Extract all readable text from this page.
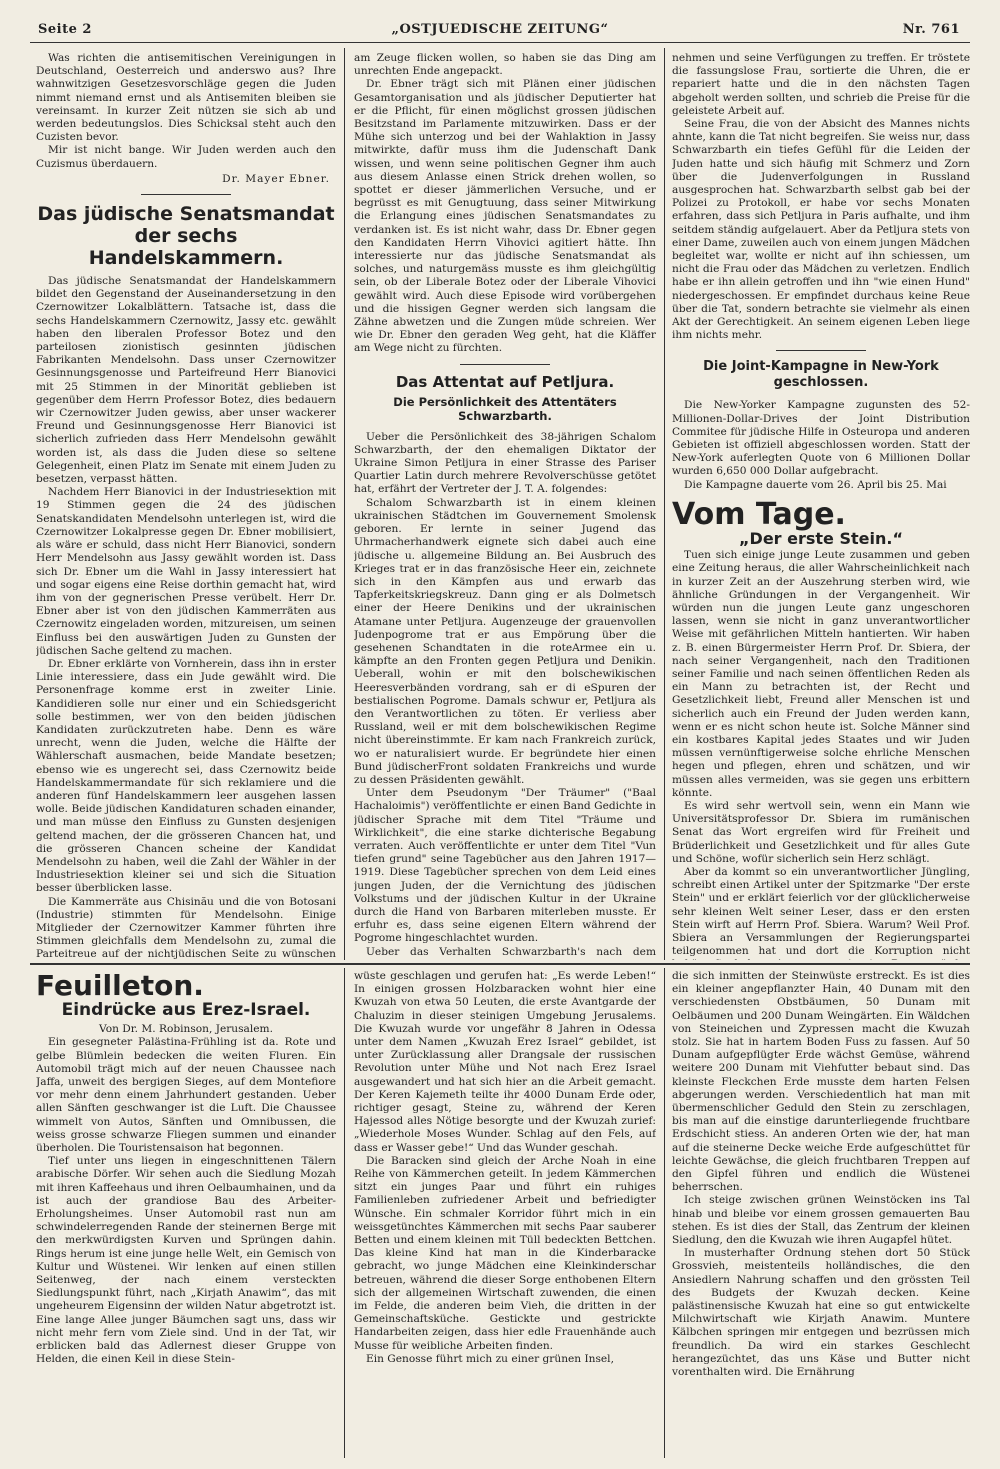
Seite 2	„OSTJUEDISCHE ZEITUNG“	Nr. 761

Was richten die antisemitischen Vereinigungen in Deutschland, Oesterreich und anderswo aus? Ihre wahnwitzigen Gesetzesvorschläge gegen die Juden nimmt niemand ernst und als Antisemiten bleiben sie vereinsamt. In kurzer Zeit nützen sie sich ab und werden bedeutungslos. Dies Schicksal steht auch den Cuzisten bevor.

Mir ist nicht bange. Wir Juden werden auch den Cuzismus überdauern.

Dr. Mayer Ebner.

Das jüdische Senatsmandat der sechs Handelskammern.

Das jüdische Senatsmandat der Handelskammern bildet den Gegenstand der Auseinandersetzung in den Czernowitzer Lokalblättern. Tatsache ist, dass die sechs Handelskammern Czernowitz, Jassy etc. gewählt haben den liberalen Professor Botez und den parteilosen zionistisch gesinnten jüdischen Fabrikanten Mendelsohn. Dass unser Czernowitzer Gesinnungsgenosse und Parteifreund Herr Bianovici mit 25 Stimmen in der Minorität geblieben ist gegenüber dem Herrn Professor Botez, dies bedauern wir Czernowitzer Juden gewiss, aber unser wackerer Freund und Gesinnungsgenosse Herr Bianovici ist sicherlich zufrieden dass Herr Mendelsohn gewählt worden ist, als dass die Juden diese so seltene Gelegenheit, einen Platz im Senate mit einem Juden zu besetzen, verpasst hätten.

Nachdem Herr Bianovici in der Industriesektion mit 19 Stimmen gegen die 24 des jüdischen Senatskandidaten Mendelsohn unterlegen ist, wird die Czernowitzer Lokalpresse gegen Dr. Ebner mobilisiert, als wäre er schuld, dass nicht Herr Bianovici, sondern Herr Mendelsohn aus Jassy gewählt worden ist. Dass sich Dr. Ebner um die Wahl in Jassy interessiert hat und sogar eigens eine Reise dorthin gemacht hat, wird ihm von der gegnerischen Presse verübelt. Herr Dr. Ebner aber ist von den jüdischen Kammerräten aus Czernowitz eingeladen worden, mitzureisen, um seinen Einfluss bei den auswärtigen Juden zu Gunsten der jüdischen Sache geltend zu machen.

Dr. Ebner erklärte von Vornherein, dass ihn in erster Linie interessiere, dass ein Jude gewählt wird. Die Personenfrage komme erst in zweiter Linie. Kandidieren solle nur einer und ein Schiedsgericht solle bestimmen, wer von den beiden jüdischen Kandidaten zurückzutreten habe. Denn es wäre unrecht, wenn die Juden, welche die Hälfte der Wählerschaft ausmachen, beide Mandate besetzen; ebenso wie es ungerecht sei, dass Czernowitz beide Handelskammermandate für sich reklamiere und die anderen fünf Handelskammern leer ausgehen lassen wolle. Beide jüdischen Kandidaturen schaden einander, und man müsse den Einfluss zu Gunsten desjenigen geltend machen, der die grösseren Chancen hat, und die grösseren Chancen scheine der Kandidat Mendelsohn zu haben, weil die Zahl der Wähler in der Industriesektion kleiner sei und sich die Situation besser überblicken lasse.

Die Kammerräte aus Chisinău und die von Botosani (Industrie) stimmten für Mendelsohn. Einige Mitglieder der Czernowitzer Kammer führten ihre Stimmen gleichfalls dem Mendelsohn zu, zumal die Parteitreue auf der nichtjüdischen Seite zu wünschen

am Zeuge flicken wollen, so haben sie das Ding am unrechten Ende angepackt.

Dr. Ebner trägt sich mit Plänen einer jüdischen Gesamtorganisation und als jüdischer Deputierter hat er die Pflicht, für einen möglichst grossen jüdischen Besitzstand im Parlamente mitzuwirken. Dass er der Mühe sich unterzog und bei der Wahlaktion in Jassy mitwirkte, dafür muss ihm die Judenschaft Dank wissen, und wenn seine politischen Gegner ihm auch aus diesem Anlasse einen Strick drehen wollen, so spottet er dieser jämmerlichen Versuche, und er begrüsst es mit Genugtuung, dass seiner Mitwirkung die Erlangung eines jüdischen Senatsmandates zu verdanken ist. Es ist nicht wahr, dass Dr. Ebner gegen den Kandidaten Herrn Vihovici agitiert hätte. Ihn interessierte nur das jüdische Senatsmandat als solches, und naturgemäss musste es ihm gleichgültig sein, ob der Liberale Botez oder der Liberale Vihovici gewählt wird. Auch diese Episode wird vorübergehen und die hissigen Gegner werden sich langsam die Zähne abwetzen und die Zungen müde schreien. Wer wie Dr. Ebner den geraden Weg geht, hat die Kläffer am Wege nicht zu fürchten.

Das Attentat auf Petljura.
Die Persönlichkeit des Attentäters Schwarzbarth.

Ueber die Persönlichkeit des 38-jährigen Schalom Schwarzbarth, der den ehemaligen Diktator der Ukraine Simon Petljura in einer Strasse des Pariser Quartier Latin durch mehrere Revolverschüsse getötet hat, erfährt der Vertreter der J. T. A. folgendes:

Schalom Schwarzbarth ist in einem kleinen ukrainischen Städtchen im Gouvernement Smolensk geboren. Er lernte in seiner Jugend das Uhrmacherhandwerk eignete sich dabei auch eine jüdische u. allgemeine Bildung an. Bei Ausbruch des Krieges trat er in das französische Heer ein, zeichnete sich in den Kämpfen aus und erwarb das Tapferkeitskriegskreuz. Dann ging er als Dolmetsch einer der Heere Denikins und der ukrainischen Atamane unter Petljura. Augenzeuge der grauenvollen Judenpogrome trat er aus Empörung über die gesehenen Schandtaten in die roteArmee ein u. kämpfte an den Fronten gegen Petljura und Denikin. Ueberall, wohin er mit den bolschewikischen Heeresverbänden vordrang, sah er di eSpuren der bestialischen Pogrome. Damals schwur er, Petljura als den Verantwortlichen zu töten. Er verliess aber Russland, weil er mit dem bolschewikischen Regime nicht übereinstimmte. Er kam nach Frankreich zurück, wo er naturalisiert wurde. Er begründete hier einen Bund jüdischerFront soldaten Frankreichs und wurde zu dessen Präsidenten gewählt.

Unter dem Pseudonym "Der Träumer" ("Baal Hachaloimis") veröffentlichte er einen Band Gedichte in jüdischer Sprache mit dem Titel "Träume und Wirklichkeit", die eine starke dichterische Begabung verraten. Auch veröffentlichte er unter dem Titel "Vun tiefen grund" seine Tagebücher aus den Jahren 1917—1919. Diese Tagebücher sprechen von dem Leid eines jungen Juden, der die Vernichtung des jüdischen Volkstums und der jüdischen Kultur in der Ukraine durch die Hand von Barbaren miterleben musste. Er erfuhr es, dass seine eigenen Eltern während der Pogrome hingeschlachtet wurden.

Ueber das Verhalten Schwarzbarth's nach dem

nehmen und seine Verfügungen zu treffen. Er tröstete die fassungslose Frau, sortierte die Uhren, die er repariert hatte und die in den nächsten Tagen abgeholt werden sollten, und schrieb die Preise für die geleistete Arbeit auf.

Seine Frau, die von der Absicht des Mannes nichts ahnte, kann die Tat nicht begreifen. Sie weiss nur, dass Schwarzbarth ein tiefes Gefühl für die Leiden der Juden hatte und sich häufig mit Schmerz und Zorn über die Judenverfolgungen in Russland ausgesprochen hat. Schwarzbarth selbst gab bei der Polizei zu Protokoll, er habe vor sechs Monaten erfahren, dass sich Petljura in Paris aufhalte, und ihm seitdem ständig aufgelauert. Aber da Petljura stets von einer Dame, zuweilen auch von einem jungen Mädchen begleitet war, wollte er nicht auf ihn schiessen, um nicht die Frau oder das Mädchen zu verletzen. Endlich habe er ihn allein getroffen und ihn "wie einen Hund" niedergeschossen. Er empfindet durchaus keine Reue über die Tat, sondern betrachte sie vielmehr als einen Akt der Gerechtigkeit. An seinem eigenen Leben liege ihm nichts mehr.

Die Joint-Kampagne in New-York geschlossen.

Die New-Yorker Kampagne zugunsten des 52-Millionen-Dollar-Drives der Joint Distribution Commitee für jüdische Hilfe in Osteuropa und anderen Gebieten ist offiziell abgeschlossen worden. Statt der New-York auferlegten Quote von 6 Millionen Dollar wurden 6,650 000 Dollar aufgebracht.

Die Kampagne dauerte vom 26. April bis 25. Mai

Vom Tage.
„Der erste Stein.“

Tuen sich einige junge Leute zusammen und geben eine Zeitung heraus, die aller Wahrscheinlichkeit nach in kurzer Zeit an der Auszehrung sterben wird, wie ähnliche Gründungen in der Vergangenheit. Wir würden nun die jungen Leute ganz ungeschoren lassen, wenn sie nicht in ganz unverantwortlicher Weise mit gefährlichen Mitteln hantierten. Wir haben z. B. einen Bürgermeister Herrn Prof. Dr. Sbiera, der nach seiner Vergangenheit, nach den Traditionen seiner Familie und nach seinen öffentlichen Reden als ein Mann zu betrachten ist, der Recht und Gesetzlichkeit liebt, Freund aller Menschen ist und sicherlich auch ein Freund der Juden werden kann, wenn er es nicht schon heute ist. Solche Männer sind ein kostbares Kapital jedes Staates und wir Juden müssen vernünftigerweise solche ehrliche Menschen hegen und pflegen, ehren und schätzen, und wir müssen alles vermeiden, was sie gegen uns erbittern könnte.

Es wird sehr wertvoll sein, wenn ein Mann wie Universitätsprofessor Dr. Sbiera im rumänischen Senat das Wort ergreifen wird für Freiheit und Brüderlichkeit und Gesetzlichkeit und für alles Gute und Schöne, wofür sicherlich sein Herz schlägt.

Aber da kommt so ein unverantwortlicher Jüngling, schreibt einen Artikel unter der Spitzmarke "Der erste Stein" und er erklärt feierlich vor der glücklicherweise sehr kleinen Welt seiner Leser, dass er den ersten Stein wirft auf Herrn Prof. Sbiera. Warum? Weil Prof. Sbiera an Versammlungen der Regierungspartei teilgenommen hat und dort die Korruption nicht

Feuilleton.
Eindrücke aus Erez-Israel.

Von Dr. M. Robinson, Jerusalem.

Ein gesegneter Palästina-Frühling ist da. Rote und gelbe Blümlein bedecken die weiten Fluren. Ein Automobil trägt mich auf der neuen Chaussee nach Jaffa, unweit des bergigen Sieges, auf dem Montefiore vor mehr denn einem Jahrhundert gestanden. Ueber allen Sänften geschwanger ist die Luft. Die Chaussee wimmelt von Autos, Sänften und Omnibussen, die weiss grosse schwarze Fliegen summen und einander überholen. Die Touristensaison hat begonnen.

Tief unter uns liegen in eingeschnittenen Tälern arabische Dörfer. Wir sehen auch die Siedlung Mozah mit ihren Kaffeehaus und ihren Oelbaumhainen, und da ist auch der grandiose Bau des Arbeiter-Erholungsheimes. Unser Automobil rast nun am schwindelerregenden Rande der steinernen Berge mit den merkwürdigsten Kurven und Sprüngen dahin. Rings herum ist eine junge helle Welt, ein Gemisch von Kultur und Wüstenei. Wir lenken auf einen stillen Seitenweg, der nach einem versteckten Siedlungspunkt führt, nach „Kirjath Anawim“, das mit ungeheurem Eigensinn der wilden Natur abgetrotzt ist. Eine lange Allee junger Bäumchen sagt uns, dass wir nicht mehr fern vom Ziele sind. Und in der Tat, wir erblicken bald das Adlernest dieser Gruppe von Helden, die einen Keil in diese Stein-

wüste geschlagen und gerufen hat: „Es werde Leben!“ In einigen grossen Holzbaracken wohnt hier eine Kwuzah von etwa 50 Leuten, die erste Avantgarde der Chaluzim in dieser steinigen Umgebung Jerusalems. Die Kwuzah wurde vor ungefähr 8 Jahren in Odessa unter dem Namen „Kwuzah Erez Israel“ gebildet, ist unter Zurücklassung aller Drangsale der russischen Revolution unter Mühe und Not nach Erez Israel ausgewandert und hat sich hier an die Arbeit gemacht. Der Keren Kajemeth teilte ihr 4000 Dunam Erde oder, richtiger gesagt, Steine zu, während der Keren Hajessod alles Nötige besorgte und der Kwuzah zurief: „Wiederhole Moses Wunder. Schlag auf den Fels, auf dass er Wasser gebe!“ Und das Wunder geschah.

Die Baracken sind gleich der Arche Noah in eine Reihe von Kämmerchen geteilt. In jedem Kämmerchen sitzt ein junges Paar und führt ein ruhiges Familienleben zufriedener Arbeit und befriedigter Wünsche. Ein schmaler Korridor führt mich in ein weissgetünchtes Kämmerchen mit sechs Paar sauberer Betten und einem kleinen mit Tüll bedeckten Bettchen. Das kleine Kind hat man in die Kinderbaracke gebracht, wo junge Mädchen eine Kleinkinderschar betreuen, während die dieser Sorge enthobenen Eltern sich der allgemeinen Wirtschaft zuwenden, die einen im Felde, die anderen beim Vieh, die dritten in der Gemeinschaftsküche. Gestickte und gestrickte Handarbeiten zeigen, dass hier edle Frauenhände auch Musse für weibliche Arbeiten finden.

Ein Genosse führt mich zu einer grünen Insel,

die sich inmitten der Steinwüste erstreckt. Es ist dies ein kleiner angepflanzter Hain, 40 Dunam mit den verschiedensten Obstbäumen, 50 Dunam mit Oelbäumen und 200 Dunam Weingärten. Ein Wäldchen von Steineichen und Zypressen macht die Kwuzah stolz. Sie hat in hartem Boden Fuss zu fassen. Auf 50 Dunam aufgepflügter Erde wächst Gemüse, während weitere 200 Dunam mit Viehfutter bebaut sind. Das kleinste Fleckchen Erde musste dem harten Felsen abgerungen werden. Verschiedentlich hat man mit übermenschlicher Geduld den Stein zu zerschlagen, bis man auf die einstige darunterliegende fruchtbare Erdschicht stiess. An anderen Orten wie der, hat man auf die steinerne Decke weiche Erde aufgeschüttet für leichte Gewächse, die gleich fruchtbaren Treppen auf den Gipfel führen und endlich die Wüstenei beherrschen.

Ich steige zwischen grünen Weinstöcken ins Tal hinab und bleibe vor einem grossen gemauerten Bau stehen. Es ist dies der Stall, das Zentrum der kleinen Siedlung, den die Kwuzah wie ihren Augapfel hütet.

In musterhafter Ordnung stehen dort 50 Stück Grossvieh, meistenteils holländisches, die den Ansiedlern Nahrung schaffen und den grössten Teil des Budgets der Kwuzah decken. Keine palästinensische Kwuzah hat eine so gut entwickelte Milchwirtschaft wie Kirjath Anawim. Muntere Kälbchen springen mir entgegen und bezrüssen mich freundlich. Da wird ein starkes Geschlecht herangezüchtet, das uns Käse und Butter nicht vorenthalten wird. Die Ernährung
